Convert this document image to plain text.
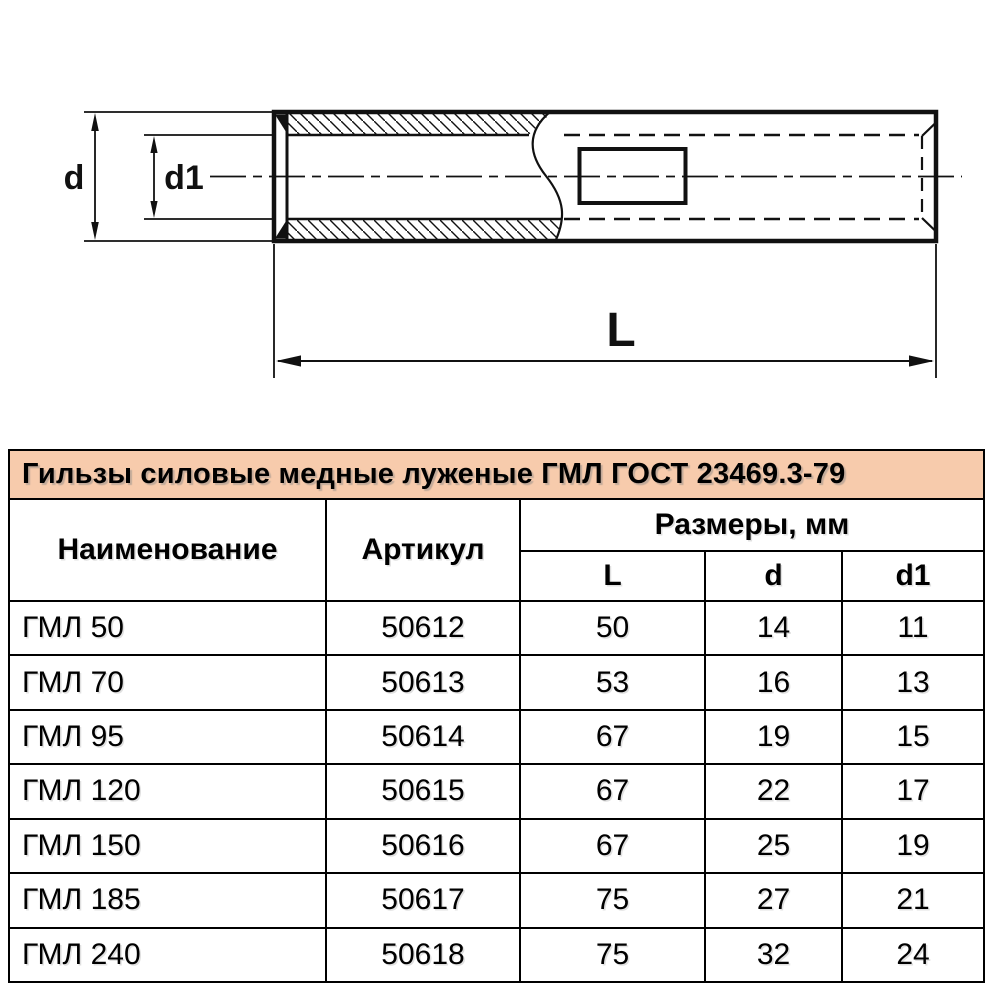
d d1
L
Гильзы силовые медные луженые ГМЛ ГОСТ 23469.3-79
Наименование	Артикул
Размеры, мм
L	d	d1
ГМЛ 50	50612	50	14	11
ГМЛ 70	50613	53	16	13
ГМЛ 95	50614	67	19	15
ГМЛ 120	50615	67	22	17
ГМЛ 150	50616	67	25	19
ГМЛ 185	50617	75	27	21
ГМЛ 240	50618	75	32	24
